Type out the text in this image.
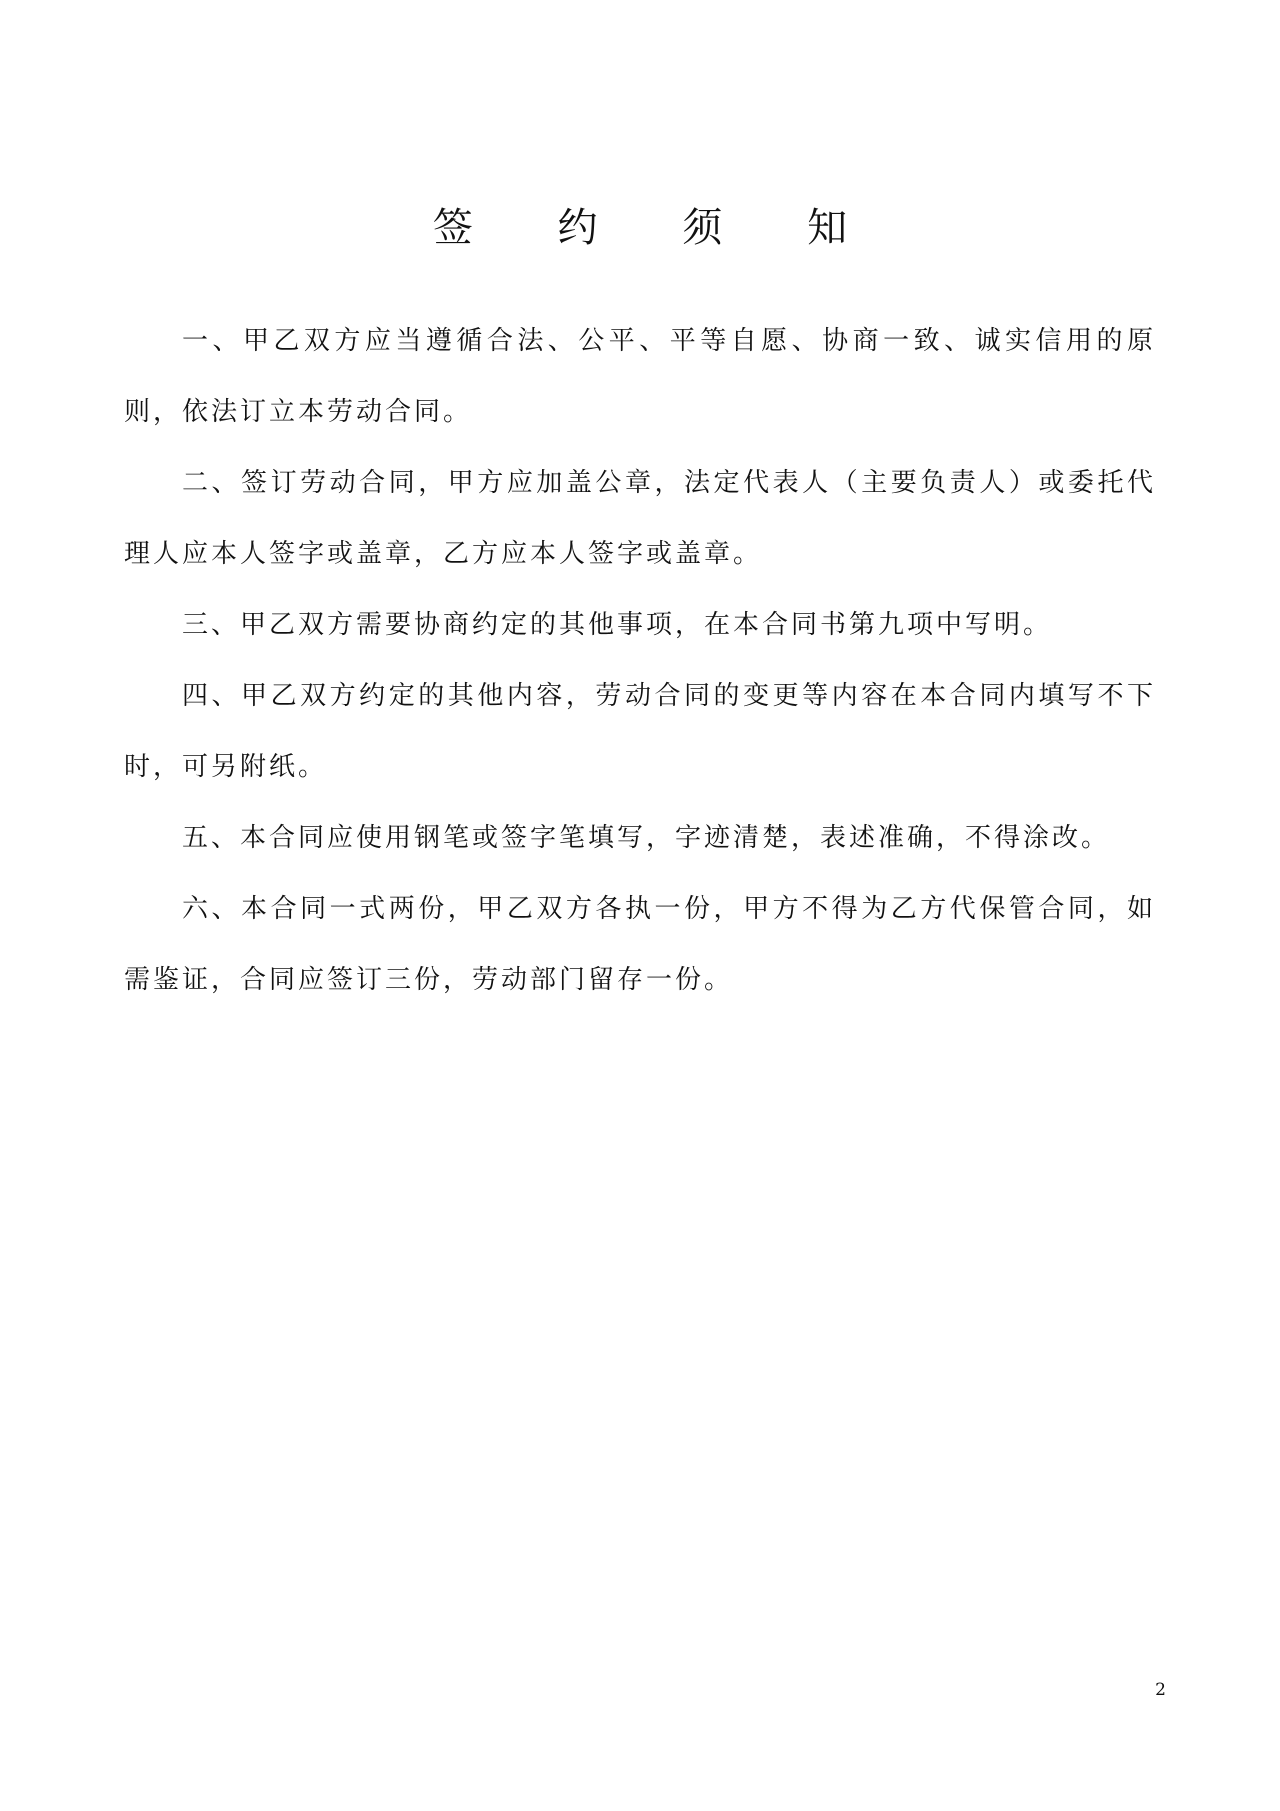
签 约 须 知

一、甲乙双方应当遵循合法、公平、平等自愿、协商一致、诚实信用的原则，依法订立本劳动合同。

二、签订劳动合同，甲方应加盖公章，法定代表人（主要负责人）或委托代理人应本人签字或盖章，乙方应本人签字或盖章。

三、甲乙双方需要协商约定的其他事项，在本合同书第九项中写明。

四、甲乙双方约定的其他内容，劳动合同的变更等内容在本合同内填写不下时，可另附纸。

五、本合同应使用钢笔或签字笔填写，字迹清楚，表述准确，不得涂改。

六、本合同一式两份，甲乙双方各执一份，甲方不得为乙方代保管合同，如需鉴证，合同应签订三份，劳动部门留存一份。

2
